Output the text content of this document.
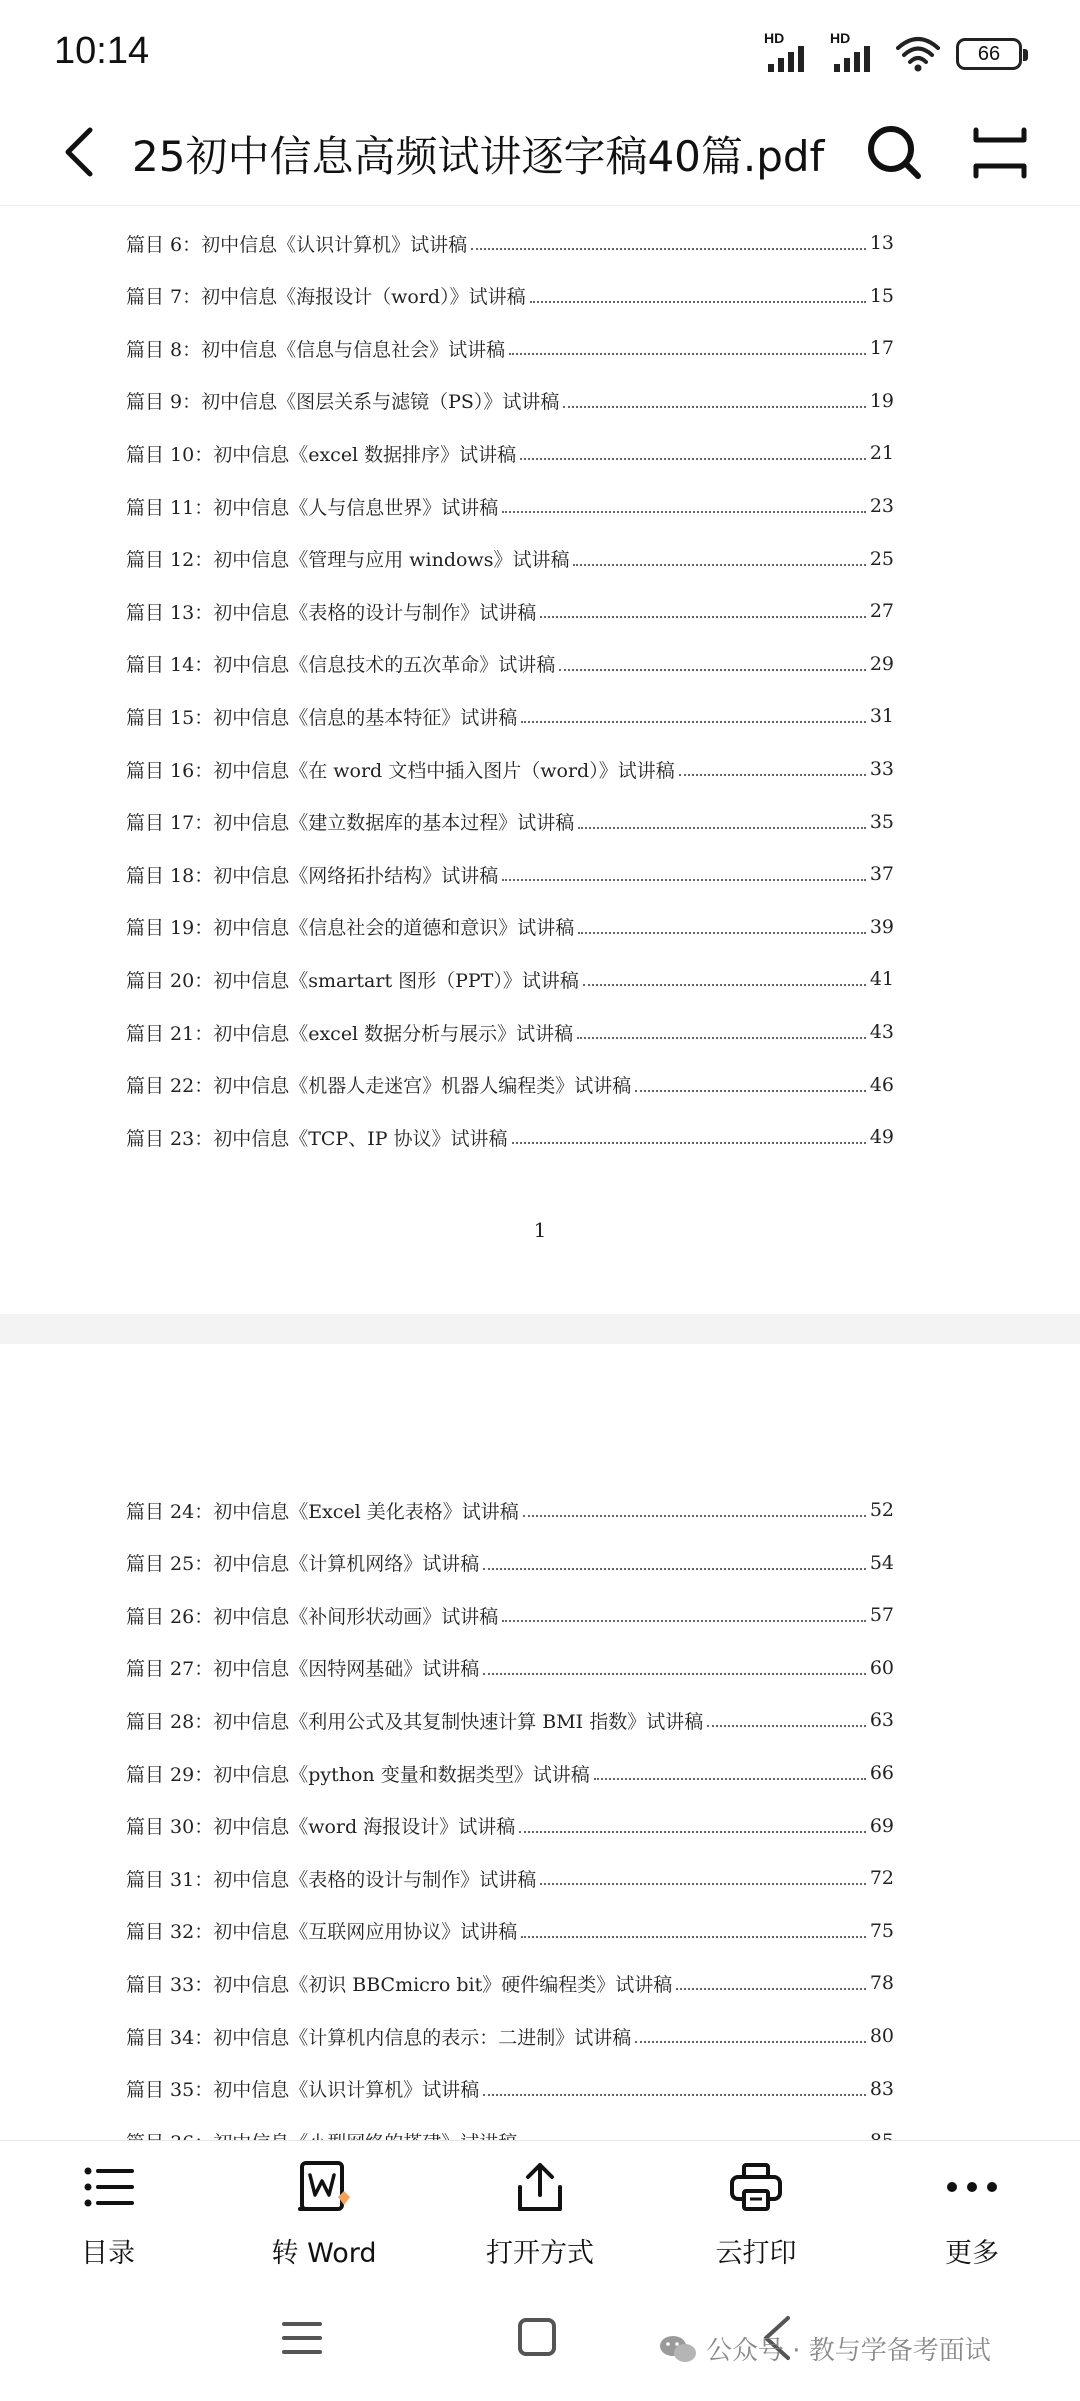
10:14	HD	HD
66
25初中信息高频试讲逐字稿40篇.pdf
篇目 6：初中信息《认识计算机》试讲稿	13
篇目 7：初中信息《海报设计（word）》试讲稿	15
篇目 8：初中信息《信息与信息社会》试讲稿	17
篇目 9：初中信息《图层关系与滤镜（PS）》试讲稿	19
篇目 10：初中信息《excel 数据排序》试讲稿	21
篇目 11：初中信息《人与信息世界》试讲稿	23
篇目 12：初中信息《管理与应用 windows》试讲稿	25
篇目 13：初中信息《表格的设计与制作》试讲稿	27
篇目 14：初中信息《信息技术的五次革命》试讲稿	29
篇目 15：初中信息《信息的基本特征》试讲稿	31
篇目 16：初中信息《在 word 文档中插入图片（word）》试讲稿	33
篇目 17：初中信息《建立数据库的基本过程》试讲稿	35
篇目 18：初中信息《网络拓扑结构》试讲稿	37
篇目 19：初中信息《信息社会的道德和意识》试讲稿	39
篇目 20：初中信息《smartart 图形（PPT）》试讲稿	41
篇目 21：初中信息《excel 数据分析与展示》试讲稿	43
篇目 22：初中信息《机器人走迷宫》机器人编程类》试讲稿	46
篇目 23：初中信息《TCP、IP 协议》试讲稿	49
1
篇目 24：初中信息《Excel 美化表格》试讲稿	52
篇目 25：初中信息《计算机网络》试讲稿	54
篇目 26：初中信息《补间形状动画》试讲稿	57
篇目 27：初中信息《因特网基础》试讲稿	60
篇目 28：初中信息《利用公式及其复制快速计算 BMI 指数》试讲稿	63
篇目 29：初中信息《python 变量和数据类型》试讲稿	66
篇目 30：初中信息《word 海报设计》试讲稿	69
篇目 31：初中信息《表格的设计与制作》试讲稿	72
篇目 32：初中信息《互联网应用协议》试讲稿	75
篇目 33：初中信息《初识 BBCmicro bit》硬件编程类》试讲稿	78
篇目 34：初中信息《计算机内信息的表示：二进制》试讲稿	80
篇目 35：初中信息《认识计算机》试讲稿	83
目录	转 Word	打开方式	云打印	更多
公众号 · 教与学备考面试
